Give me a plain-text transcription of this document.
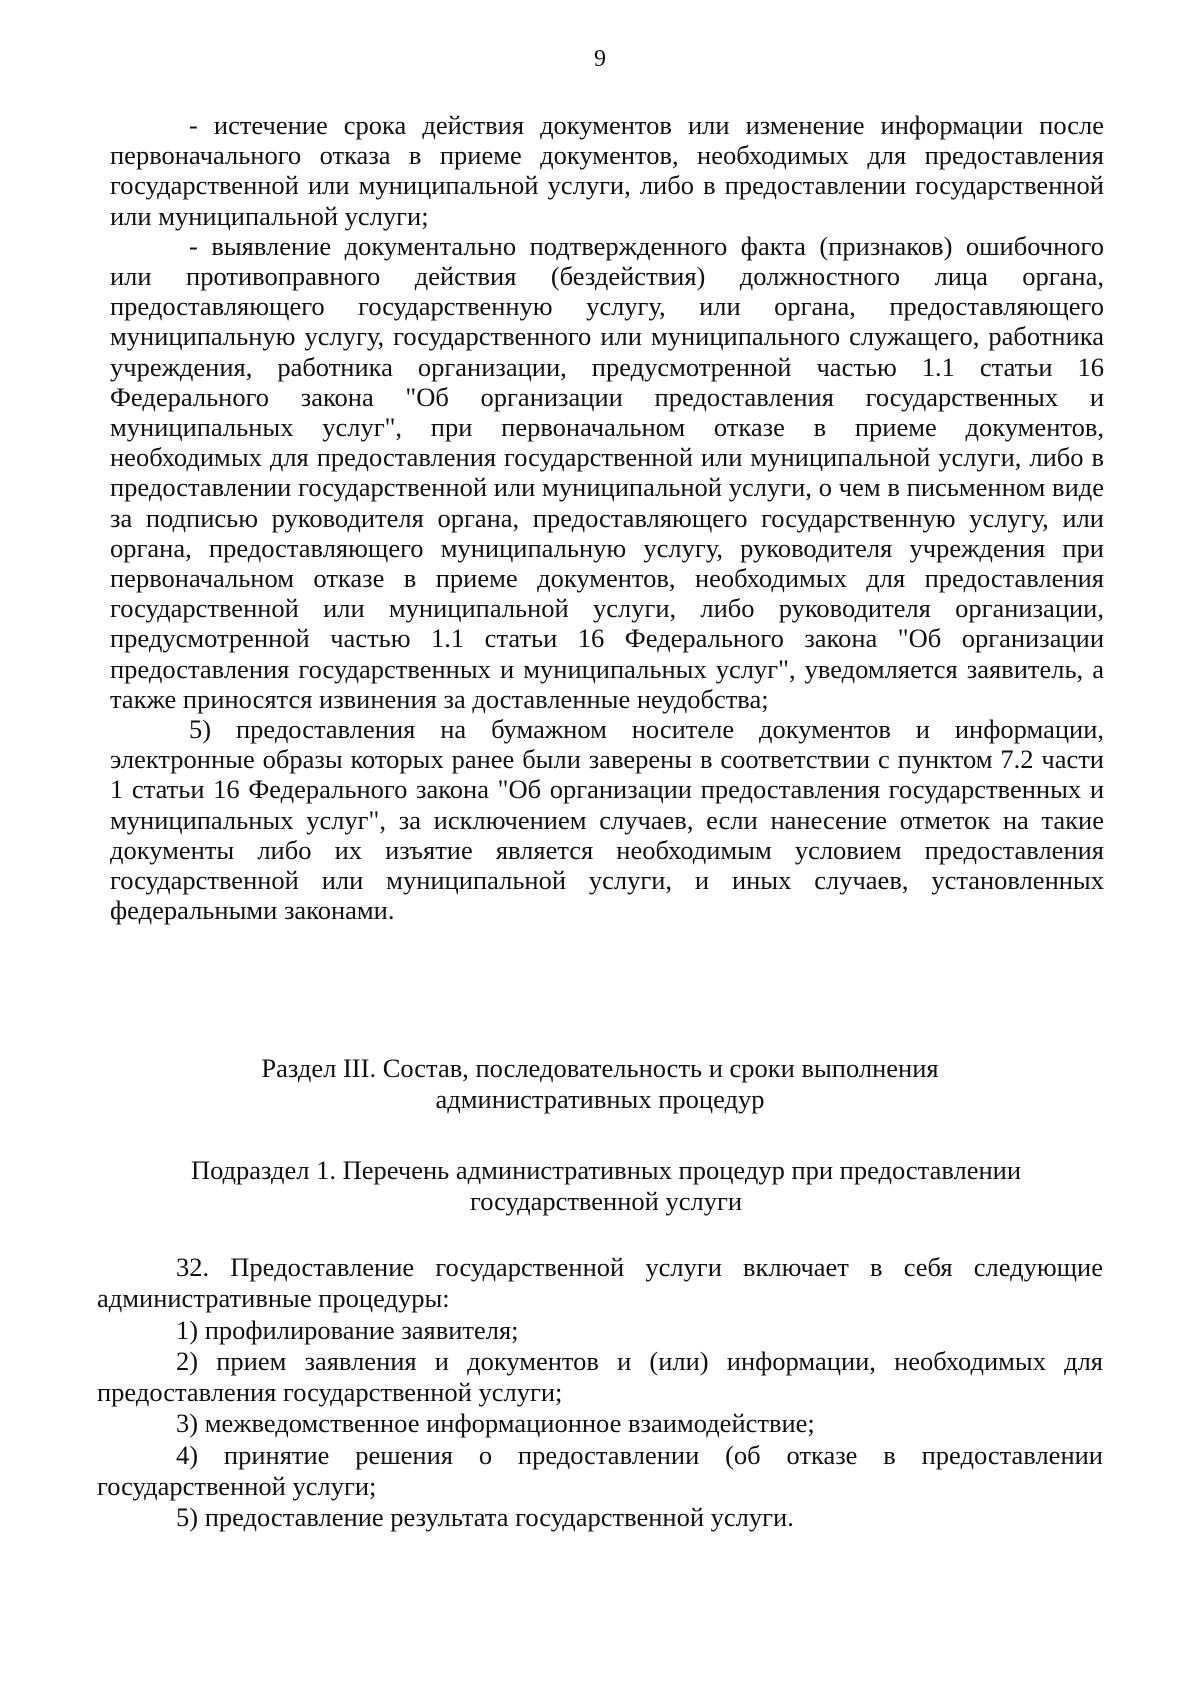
9

- истечение срока действия документов или изменение информации после первоначального отказа в приеме документов, необходимых для предоставления государственной или муниципальной услуги, либо в предоставлении государственной или муниципальной услуги;

- выявление документально подтвержденного факта (признаков) ошибочного или противоправного действия (бездействия) должностного лица органа, предоставляющего государственную услугу, или органа, предоставляющего муниципальную услугу, государственного или муниципального служащего, работника учреждения, работника организации, предусмотренной частью 1.1 статьи 16 Федерального закона "Об организации предоставления государственных и муниципальных услуг", при первоначальном отказе в приеме документов, необходимых для предоставления государственной или муниципальной услуги, либо в предоставлении государственной или муниципальной услуги, о чем в письменном виде за подписью руководителя органа, предоставляющего государственную услугу, или органа, предоставляющего муниципальную услугу, руководителя учреждения при первоначальном отказе в приеме документов, необходимых для предоставления государственной или муниципальной услуги, либо руководителя организации, предусмотренной частью 1.1 статьи 16 Федерального закона "Об организации предоставления государственных и муниципальных услуг", уведомляется заявитель, а также приносятся извинения за доставленные неудобства;

5) предоставления на бумажном носителе документов и информации, электронные образы которых ранее были заверены в соответствии с пунктом 7.2 части 1 статьи 16 Федерального закона "Об организации предоставления государственных и муниципальных услуг", за исключением случаев, если нанесение отметок на такие документы либо их изъятие является необходимым условием предоставления государственной или муниципальной услуги, и иных случаев, установленных федеральными законами.

Раздел III. Состав, последовательность и сроки выполнения
административных процедур
Подраздел 1. Перечень административных процедур при предоставлении
государственной услуги

32. Предоставление государственной услуги включает в себя следующие административные процедуры:

1) профилирование заявителя;

2) прием заявления и документов и (или) информации, необходимых для предоставления государственной услуги;

3) межведомственное информационное взаимодействие;

4) принятие решения о предоставлении (об отказе в предоставлении государственной услуги;

5) предоставление результата государственной услуги.
